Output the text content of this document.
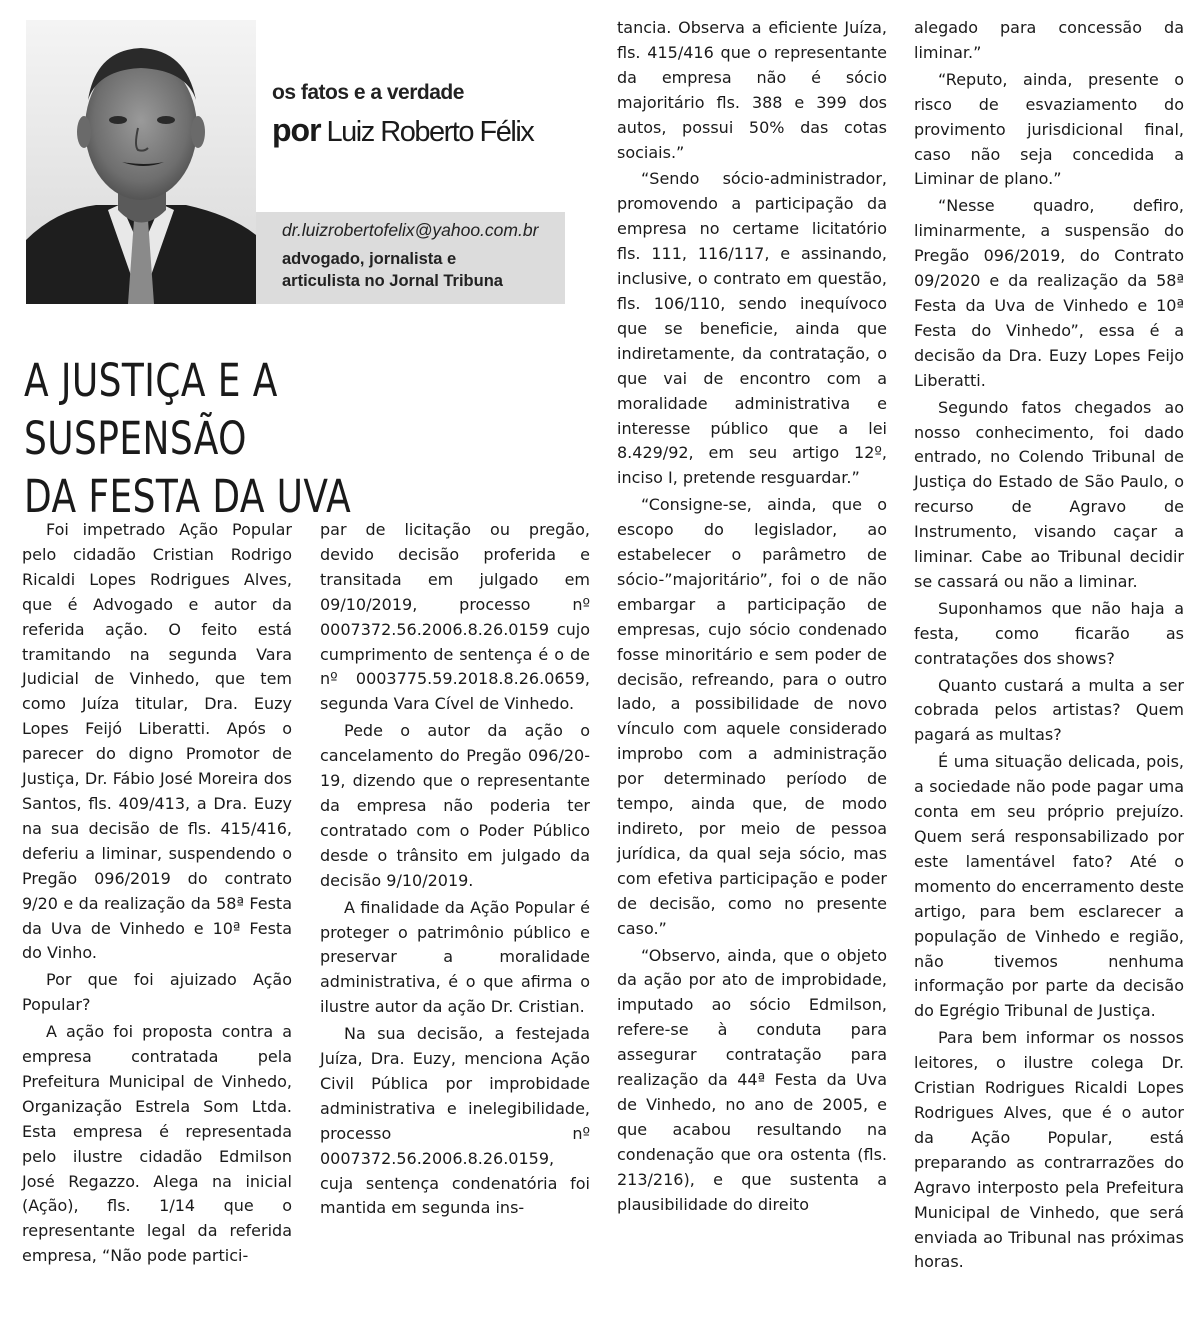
os fatos e a verdade

por Luiz Roberto Félix

dr.luizrobertofelix@yahoo.com.br
advogado, jornalista e
articulista no Jornal Tribuna
A JUSTIÇA E A SUSPENSÃO
DA FESTA DA UVA

Foi impetrado Ação Popular pelo cidadão Cristian Rodrigo Ricaldi Lopes Rodrigues Alves, que é Advogado e autor da referida ação. O feito está tramitando na segunda Vara Judicial de Vinhedo, que tem como Juíza titular, Dra. Euzy Lopes Feijó Liberatti. Após o parecer do digno Promotor de Justiça, Dr. Fábio José Moreira dos Santos, fls. 409/413, a Dra. Euzy na sua decisão de fls. 415/416, deferiu a liminar, suspendendo o Pregão 096/2019 do contrato 9/20 e da realização da 58ª Festa da Uva de Vinhedo e 10ª Festa do Vinho.

Por que foi ajuizado Ação Popular?

A ação foi proposta contra a empresa contratada pela Prefeitura Municipal de Vinhedo, Organização Estrela Som Ltda. Esta empresa é representada pelo ilustre cidadão Edmilson José Regazzo. Alega na inicial (Ação), fls. 1/14 que o representante legal da referida empresa, “Não pode partici-

par de licitação ou pregão, devido decisão proferida e transitada em julgado em 09/10/2019, processo nº 0007372.56.2006.8.26.0159 cujo cumprimento de sentença é o de nº 0003775.59.2018.8.26.0659, segunda Vara Cível de Vinhedo.

Pede o autor da ação o cancelamento do Pregão 096/20-19, dizendo que o representante da empresa não poderia ter contratado com o Poder Público desde o trânsito em julgado da decisão 9/10/2019.

A finalidade da Ação Popular é proteger o patrimônio público e preservar a moralidade administrativa, é o que afirma o ilustre autor da ação Dr. Cristian.

Na sua decisão, a festejada Juíza, Dra. Euzy, menciona Ação Civil Pública por improbidade administrativa e inelegibilidade, processo nº 0007372.56.2006.8.26.0159, cuja sentença condenatória foi mantida em segunda ins-

tancia. Observa a eficiente Juíza, fls. 415/416 que o representante da empresa não é sócio majoritário fls. 388 e 399 dos autos, possui 50% das cotas sociais.”

“Sendo sócio-administrador, promovendo a participação da empresa no certame licitatório fls. 111, 116/117, e assinando, inclusive, o contrato em questão, fls. 106/110, sendo inequívoco que se beneficie, ainda que indiretamente, da contratação, o que vai de encontro com a moralidade administrativa e interesse público que a lei 8.429/92, em seu artigo 12º, inciso I, pretende resguardar.”

“Consigne-se, ainda, que o escopo do legislador, ao estabelecer o parâmetro de sócio-”majoritário”, foi o de não embargar a participação de empresas, cujo sócio condenado fosse minoritário e sem poder de decisão, refreando, para o outro lado, a possibilidade de novo vínculo com aquele considerado improbo com a administração por determinado período de tempo, ainda que, de modo indireto, por meio de pessoa jurídica, da qual seja sócio, mas com efetiva participação e poder de decisão, como no presente caso.”

“Observo, ainda, que o objeto da ação por ato de improbidade, imputado ao sócio Edmilson, refere-se à conduta para assegurar contratação para realização da 44ª Festa da Uva de Vinhedo, no ano de 2005, e que acabou resultando na condenação que ora ostenta (fls. 213/216), e que sustenta a plausibilidade do direito

alegado para concessão da liminar.”

“Reputo, ainda, presente o risco de esvaziamento do provimento jurisdicional final, caso não seja concedida a Liminar de plano.”

“Nesse quadro, defiro, liminarmente, a suspensão do Pregão 096/2019, do Contrato 09/2020 e da realização da 58ª Festa da Uva de Vinhedo e 10ª Festa do Vinhedo”, essa é a decisão da Dra. Euzy Lopes Feijo Liberatti.

Segundo fatos chegados ao nosso conhecimento, foi dado entrado, no Colendo Tribunal de Justiça do Estado de São Paulo, o recurso de Agravo de Instrumento, visando caçar a liminar. Cabe ao Tribunal decidir se cassará ou não a liminar.

Suponhamos que não haja a festa, como ficarão as contratações dos shows?

Quanto custará a multa a ser cobrada pelos artistas? Quem pagará as multas?

É uma situação delicada, pois, a sociedade não pode pagar uma conta em seu próprio prejuízo. Quem será responsabilizado por este lamentável fato? Até o momento do encerramento deste artigo, para bem esclarecer a população de Vinhedo e região, não tivemos nenhuma informação por parte da decisão do Egrégio Tribunal de Justiça.

Para bem informar os nossos leitores, o ilustre colega Dr. Cristian Rodrigues Ricaldi Lopes Rodrigues Alves, que é o autor da Ação Popular, está preparando as contrarrazões do Agravo interposto pela Prefeitura Municipal de Vinhedo, que será enviada ao Tribunal nas próximas horas.
